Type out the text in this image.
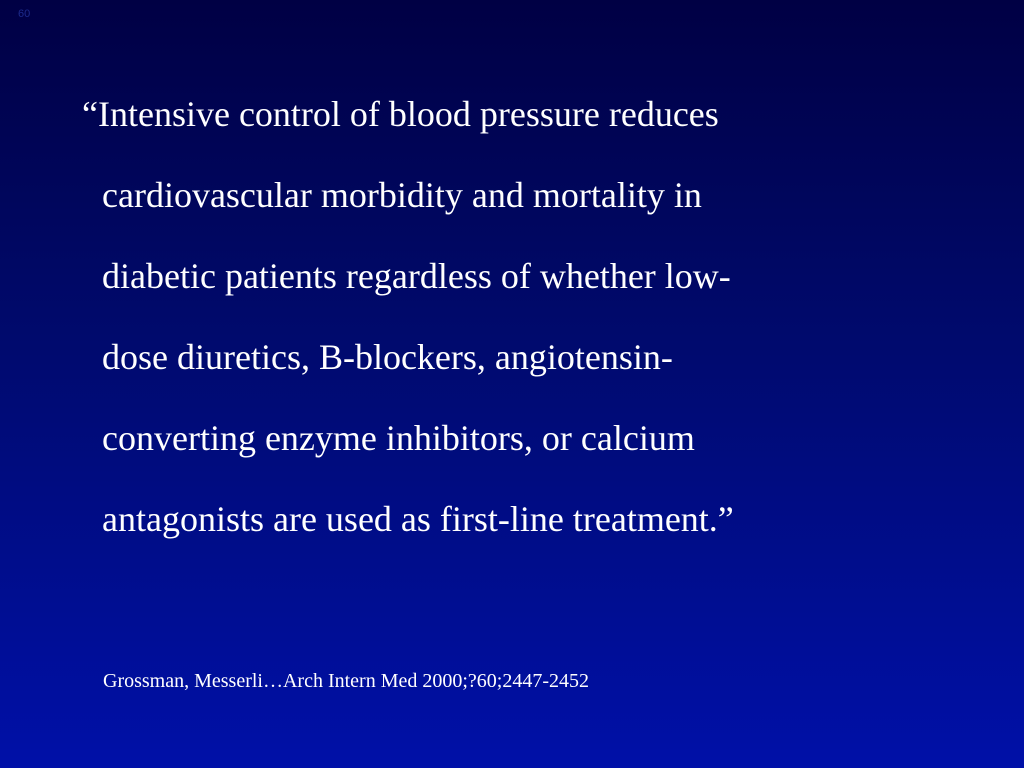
60
“Intensive control of blood pressure reduces
cardiovascular morbidity and mortality in
diabetic patients regardless of whether low-
dose diuretics, B-blockers, angiotensin-
converting enzyme inhibitors, or calcium
antagonists are used as first-line treatment.”
Grossman, Messerli…Arch Intern Med 2000;?60;2447-2452
